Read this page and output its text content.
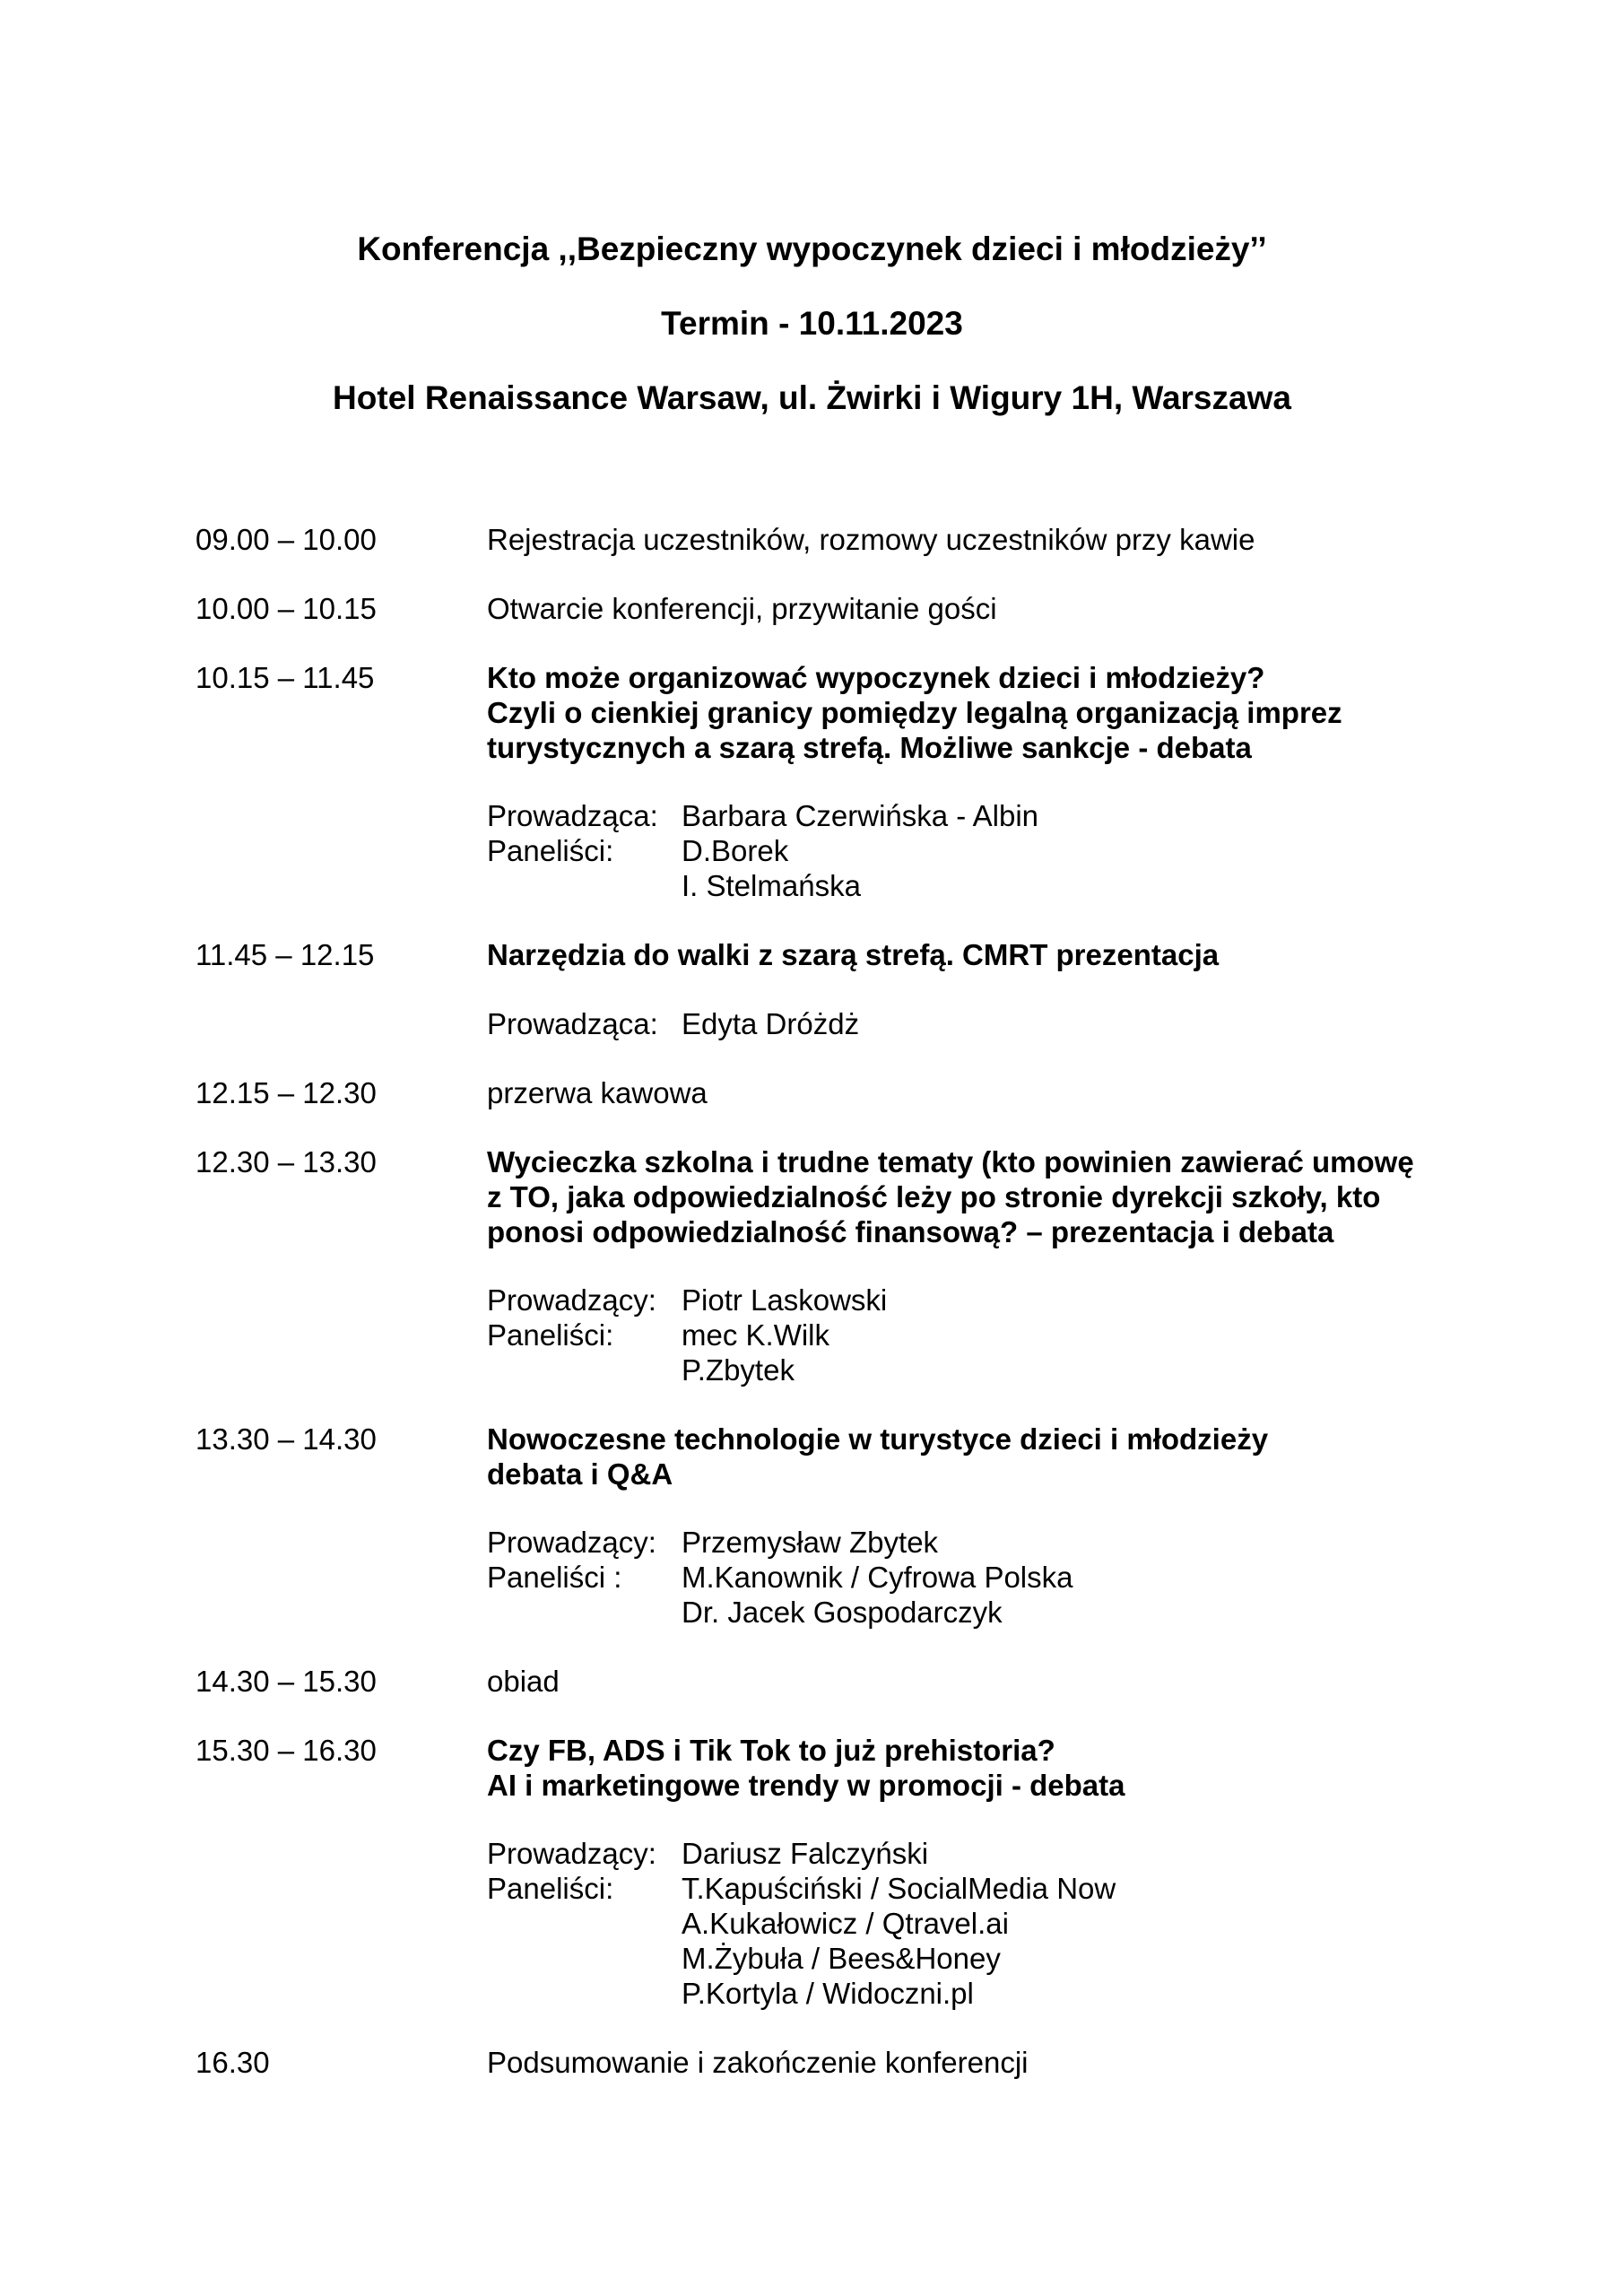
Konferencja ,,Bezpieczny wypoczynek dzieci i młodzieży’’
Termin - 10.11.2023
Hotel Renaissance Warsaw, ul. Żwirki i Wigury 1H, Warszawa
09.00 – 10.00	Rejestracja uczestników, rozmowy uczestników przy kawie
10.00 – 10.15	Otwarcie konferencji, przywitanie gości
10.15 – 11.45	Kto może organizować wypoczynek dzieci i młodzieży?
Czyli o cienkiej granicy pomiędzy legalną organizacją imprez
turystycznych a szarą strefą. Możliwe sankcje - debata
Prowadząca: Barbara Czerwińska - Albin
Paneliści: D.Borek
I. Stelmańska
11.45 – 12.15	Narzędzia do walki z szarą strefą. CMRT prezentacja
Prowadząca: Edyta Dróżdż
12.15 – 12.30	przerwa kawowa
12.30 – 13.30	Wycieczka szkolna i trudne tematy (kto powinien zawierać umowę
z TO, jaka odpowiedzialność leży po stronie dyrekcji szkoły, kto
ponosi odpowiedzialność finansową? – prezentacja i debata
Prowadzący: Piotr Laskowski
Paneliści: mec K.Wilk
P.Zbytek
13.30 – 14.30	Nowoczesne technologie w turystyce dzieci i młodzieży
debata i Q&A
Prowadzący: Przemysław Zbytek
Paneliści : M.Kanownik / Cyfrowa Polska
Dr. Jacek Gospodarczyk
14.30 – 15.30	obiad
15.30 – 16.30	Czy FB, ADS i Tik Tok to już prehistoria?
AI i marketingowe trendy w promocji - debata
Prowadzący: Dariusz Falczyński
Paneliści: T.Kapuściński / SocialMedia Now
A.Kukałowicz / Qtravel.ai
M.Żybuła / Bees&Honey
P.Kortyla / Widoczni.pl
16.30	Podsumowanie i zakończenie konferencji
